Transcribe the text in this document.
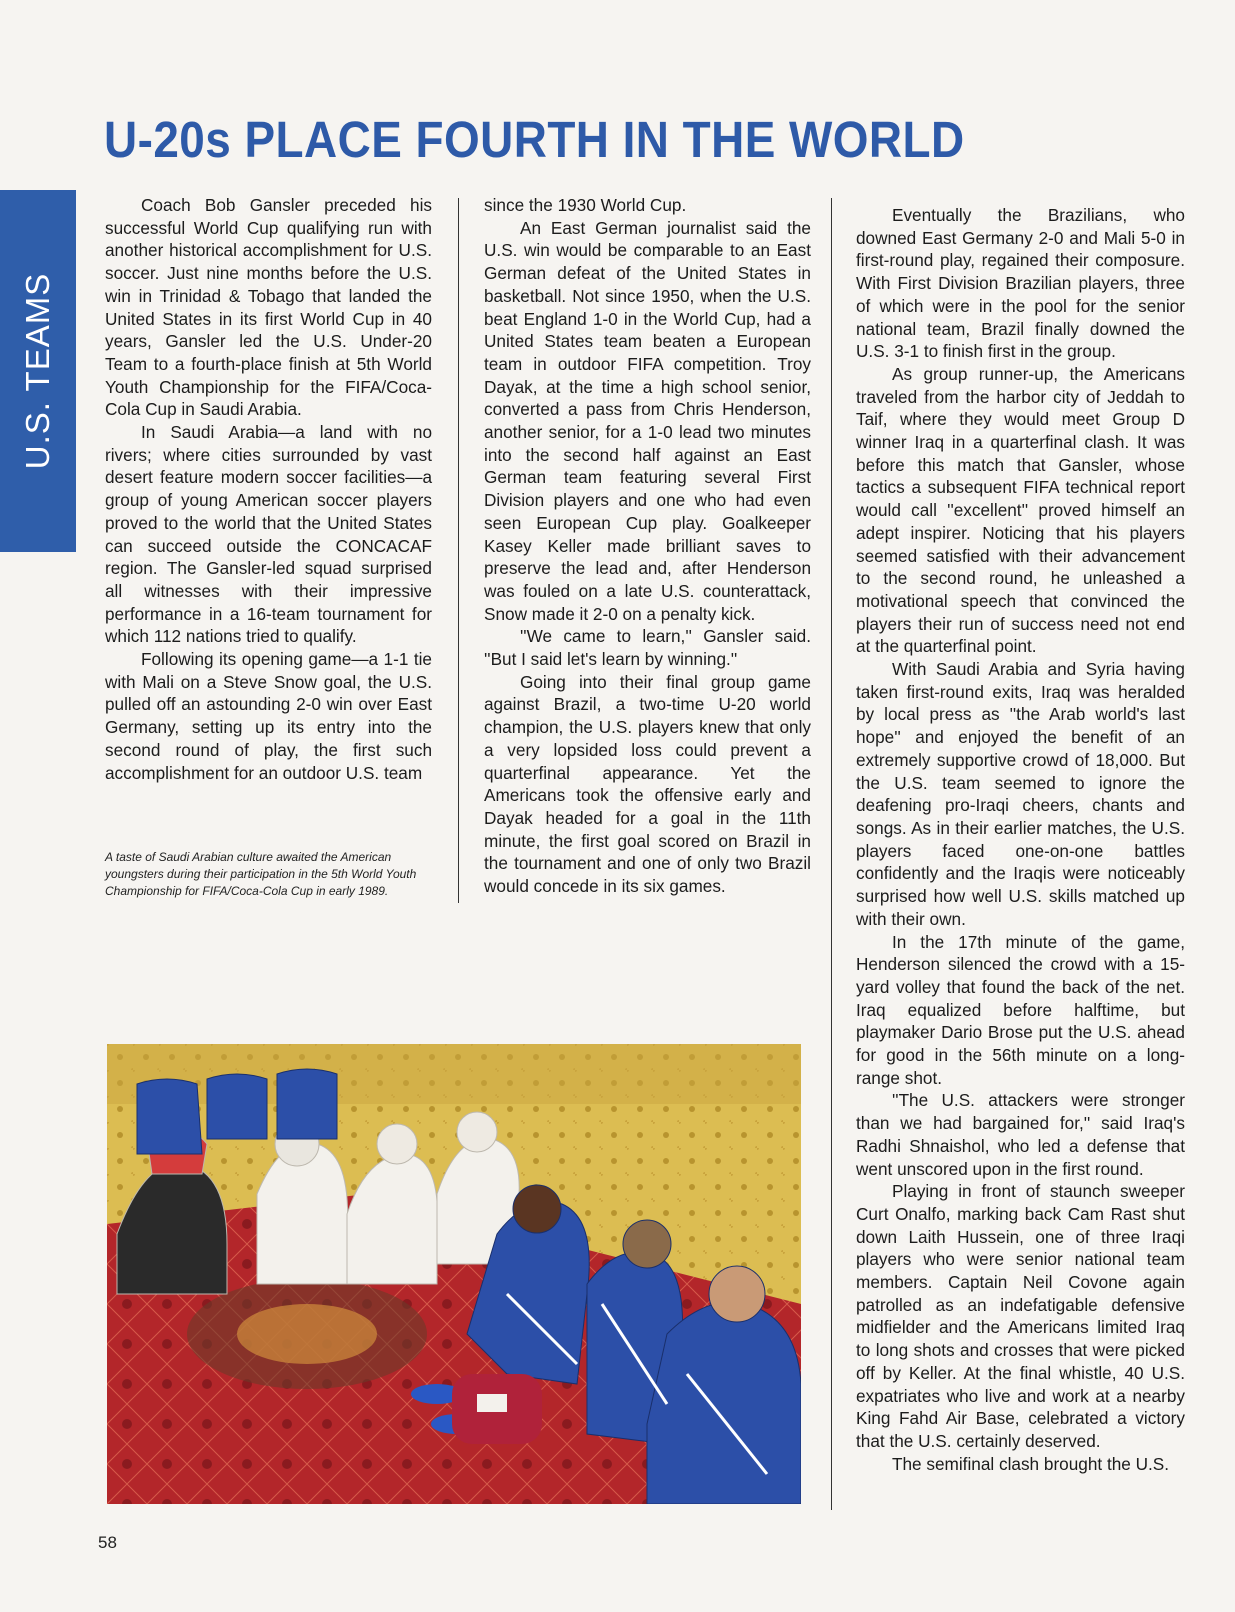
U-20s PLACE FOURTH IN THE WORLD
U.S. TEAMS

Coach Bob Gansler preceded his successful World Cup qualifying run with another historical accomplishment for U.S. soccer. Just nine months before the U.S. win in Trinidad & Tobago that landed the United States in its first World Cup in 40 years, Gansler led the U.S. Under-20 Team to a fourth-place finish at 5th World Youth Championship for the FIFA/Coca-Cola Cup in Saudi Arabia.

In Saudi Arabia—a land with no rivers; where cities surrounded by vast desert feature modern soccer facilities—a group of young American soccer players proved to the world that the United States can succeed outside the CONCACAF region. The Gansler-led squad surprised all witnesses with their impressive performance in a 16-team tournament for which 112 nations tried to qualify.

Following its opening game—a 1-1 tie with Mali on a Steve Snow goal, the U.S. pulled off an astounding 2-0 win over East Germany, setting up its entry into the second round of play, the first such accomplishment for an outdoor U.S. team

A taste of Saudi Arabian culture awaited the American youngsters during their participation in the 5th World Youth Championship for FIFA/Coca-Cola Cup in early 1989.

since the 1930 World Cup.

An East German journalist said the U.S. win would be comparable to an East German defeat of the United States in basketball. Not since 1950, when the U.S. beat England 1-0 in the World Cup, had a United States team beaten a European team in outdoor FIFA competition. Troy Dayak, at the time a high school senior, converted a pass from Chris Henderson, another senior, for a 1-0 lead two minutes into the second half against an East German team featuring several First Division players and one who had even seen European Cup play. Goalkeeper Kasey Keller made brilliant saves to preserve the lead and, after Henderson was fouled on a late U.S. counterattack, Snow made it 2-0 on a penalty kick.

''We came to learn,'' Gansler said. ''But I said let's learn by winning.''

Going into their final group game against Brazil, a two-time U-20 world champion, the U.S. players knew that only a very lopsided loss could prevent a quarterfinal appearance. Yet the Americans took the offensive early and Dayak headed for a goal in the 11th minute, the first goal scored on Brazil in the tournament and one of only two Brazil would concede in its six games.

Eventually the Brazilians, who downed East Germany 2-0 and Mali 5-0 in first-round play, regained their composure. With First Division Brazilian players, three of which were in the pool for the senior national team, Brazil finally downed the U.S. 3-1 to finish first in the group.

As group runner-up, the Americans traveled from the harbor city of Jeddah to Taif, where they would meet Group D winner Iraq in a quarterfinal clash. It was before this match that Gansler, whose tactics a subsequent FIFA technical report would call ''excellent'' proved himself an adept inspirer. Noticing that his players seemed satisfied with their advancement to the second round, he unleashed a motivational speech that convinced the players their run of success need not end at the quarterfinal point.

With Saudi Arabia and Syria having taken first-round exits, Iraq was heralded by local press as ''the Arab world's last hope'' and enjoyed the benefit of an extremely supportive crowd of 18,000. But the U.S. team seemed to ignore the deafening pro-Iraqi cheers, chants and songs. As in their earlier matches, the U.S. players faced one-on-one battles confidently and the Iraqis were noticeably surprised how well U.S. skills matched up with their own.

In the 17th minute of the game, Henderson silenced the crowd with a 15-yard volley that found the back of the net. Iraq equalized before halftime, but playmaker Dario Brose put the U.S. ahead for good in the 56th minute on a long-range shot.

''The U.S. attackers were stronger than we had bargained for,'' said Iraq's Radhi Shnaishol, who led a defense that went unscored upon in the first round.

Playing in front of staunch sweeper Curt Onalfo, marking back Cam Rast shut down Laith Hussein, one of three Iraqi players who were senior national team members. Captain Neil Covone again patrolled as an indefatigable defensive midfielder and the Americans limited Iraq to long shots and crosses that were picked off by Keller. At the final whistle, 40 U.S. expatriates who live and work at a nearby King Fahd Air Base, celebrated a victory that the U.S. certainly deserved.

The semifinal clash brought the U.S.

58
